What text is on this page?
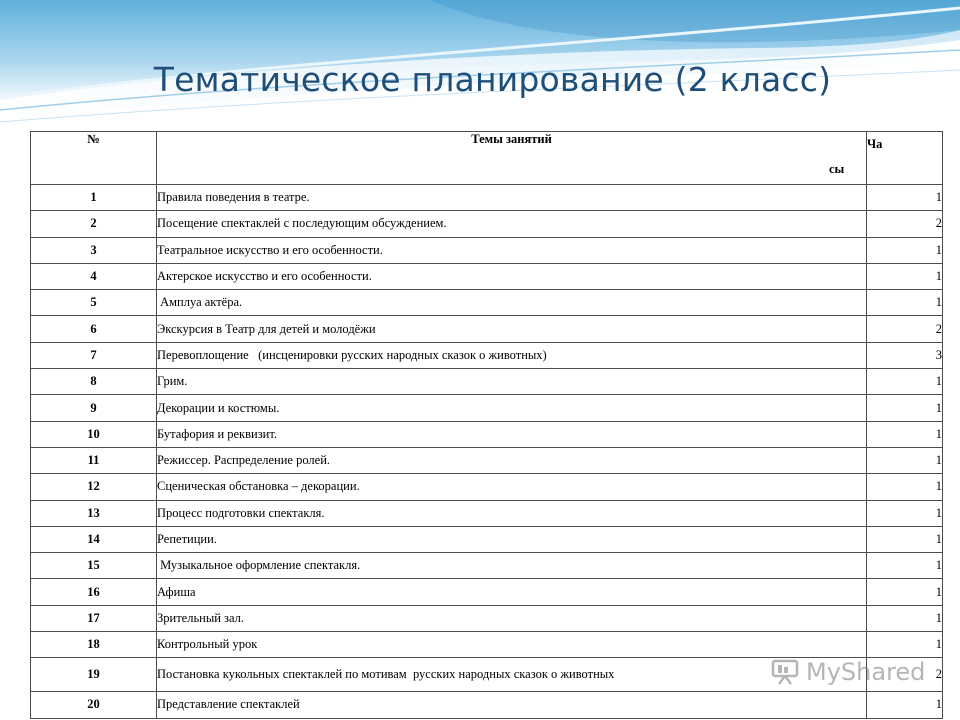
Тематическое планирование (2 класс)
№	Темы занятий	Ча
сы

1	Правила поведения в театре.	1
2	Посещение спектаклей с последующим обсуждением.	2
3	Театральное искусство и его особенности.	1
4	Актерское искусство и его особенности.	1
5	Амплуа актёра.	1
6	Экскурсия в Театр для детей и молодёжи	2
7	Перевоплощение   (инсценировки русских народных сказок о животных)	3
8	Грим.	1
9	Декорации и костюмы.	1
10	Бутафория и реквизит.	1
11	Режиссер. Распределение ролей.	1
12	Сценическая обстановка – декорации.	1
13	Процесс подготовки спектакля.	1
14	Репетиции.	1
15	Музыкальное оформление спектакля.	1
16	Афиша	1
17	Зрительный зал.	1
18	Контрольный урок	1
19	Постановка кукольных спектаклей по мотивам  русских народных сказок о животных	2
20	Представление спектаклей	1
MyShared
